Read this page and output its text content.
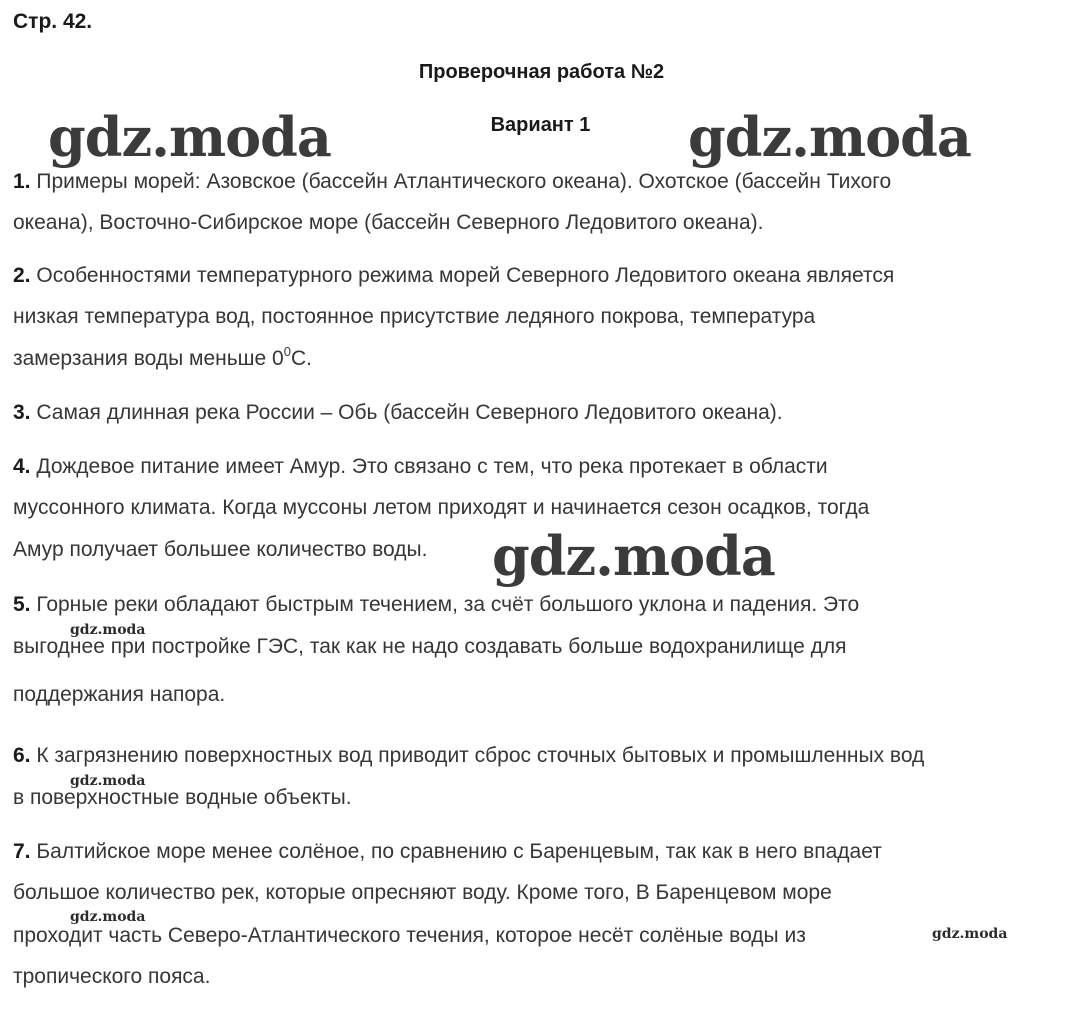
Стр. 42.
Проверочная работа №2
Вариант 1
gdz.moda	gdz.moda
gdz.moda
gdz.moda
gdz.moda
gdz.moda
gdz.moda
1. Примеры морей: Азовское (бассейн Атлантического океана). Охотское (бассейн Тихого
океана), Восточно-Сибирское море (бассейн Северного Ледовитого океана).
2. Особенностями температурного режима морей Северного Ледовитого океана является
низкая температура вод, постоянное присутствие ледяного покрова, температура
замерзания воды меньше $0^0С$.
3. Самая длинная река России – Обь (бассейн Северного Ледовитого океана).
4. Дождевое питание имеет Амур. Это связано с тем, что река протекает в области
муссонного климата. Когда муссоны летом приходят и начинается сезон осадков, тогда
Амур получает большее количество воды.
5. Горные реки обладают быстрым течением, за счёт большого уклона и падения. Это
выгоднее при постройке ГЭС, так как не надо создавать больше водохранилище для
поддержания напора.
6. К загрязнению поверхностных вод приводит сброс сточных бытовых и промышленных вод
в поверхностные водные объекты.
7. Балтийское море менее солёное, по сравнению с Баренцевым, так как в него впадает
большое количество рек, которые опресняют воду. Кроме того, В Баренцевом море
проходит часть Северо-Атлантического течения, которое несёт солёные воды из
тропического пояса.
